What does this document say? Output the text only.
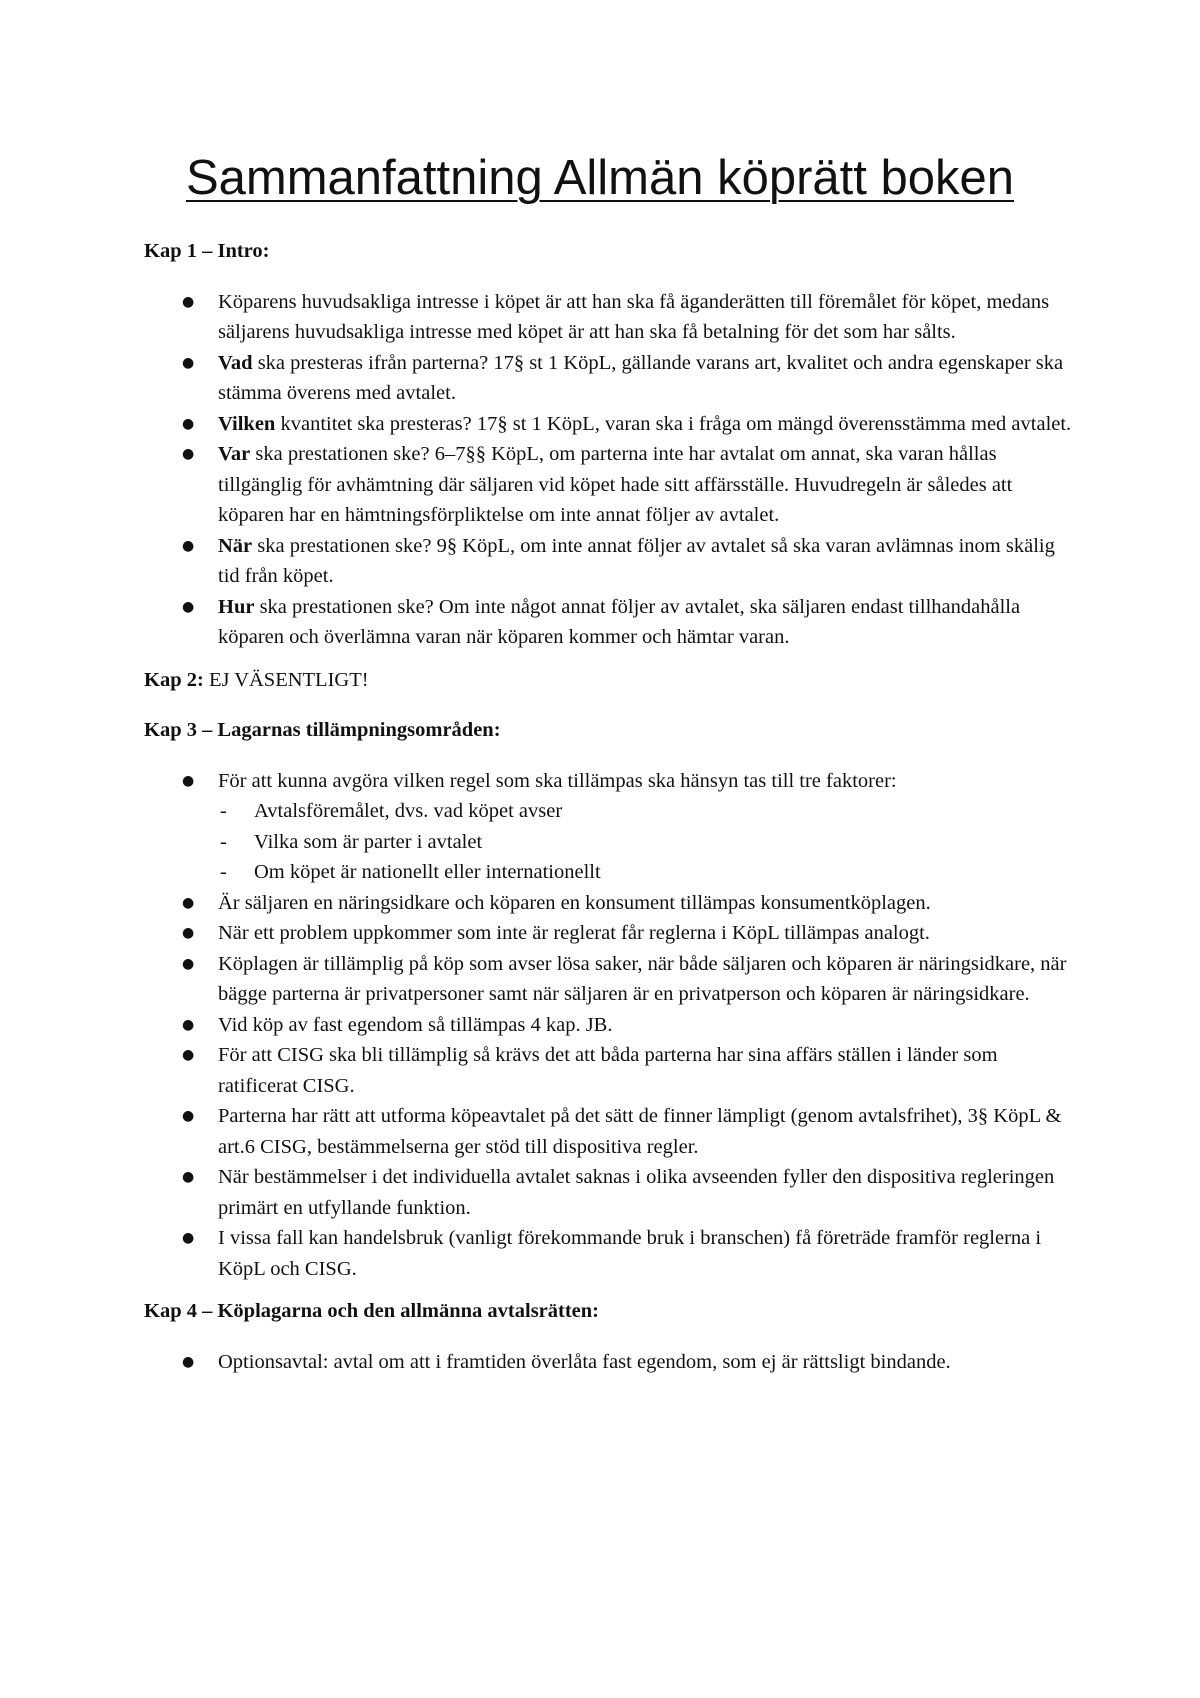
Sammanfattning Allmän köprätt boken
Kap 1 – Intro:
● Köparens huvudsakliga intresse i köpet är att han ska få äganderätten till föremålet för köpet, medans säljarens huvudsakliga intresse med köpet är att han ska få betalning för det som har sålts.
● Vad ska presteras ifrån parterna? 17§ st 1 KöpL, gällande varans art, kvalitet och andra egenskaper ska stämma överens med avtalet.
● Vilken kvantitet ska presteras? 17§ st 1 KöpL, varan ska i fråga om mängd överensstämma med avtalet.
● Var ska prestationen ske? 6–7§§ KöpL, om parterna inte har avtalat om annat, ska varan hållas tillgänglig för avhämtning där säljaren vid köpet hade sitt affärsställe. Huvudregeln är således att köparen har en hämtningsförpliktelse om inte annat följer av avtalet.
● När ska prestationen ske? 9§ KöpL, om inte annat följer av avtalet så ska varan avlämnas inom skälig tid från köpet.
● Hur ska prestationen ske? Om inte något annat följer av avtalet, ska säljaren endast tillhandahålla köparen och överlämna varan när köparen kommer och hämtar varan.
Kap 2: EJ VÄSENTLIGT!
Kap 3 – Lagarnas tillämpningsområden:
● För att kunna avgöra vilken regel som ska tillämpas ska hänsyn tas till tre faktorer:
- Avtalsföremålet, dvs. vad köpet avser
- Vilka som är parter i avtalet
- Om köpet är nationellt eller internationellt
● Är säljaren en näringsidkare och köparen en konsument tillämpas konsumentköplagen.
● När ett problem uppkommer som inte är reglerat får reglerna i KöpL tillämpas analogt.
● Köplagen är tillämplig på köp som avser lösa saker, när både säljaren och köparen är näringsidkare, när bägge parterna är privatpersoner samt när säljaren är en privatperson och köparen är näringsidkare.
● Vid köp av fast egendom så tillämpas 4 kap. JB.
● För att CISG ska bli tillämplig så krävs det att båda parterna har sina affärs ställen i länder som ratificerat CISG.
● Parterna har rätt att utforma köpeavtalet på det sätt de finner lämpligt (genom avtalsfrihet), 3§ KöpL & art.6 CISG, bestämmelserna ger stöd till dispositiva regler.
● När bestämmelser i det individuella avtalet saknas i olika avseenden fyller den dispositiva regleringen primärt en utfyllande funktion.
● I vissa fall kan handelsbruk (vanligt förekommande bruk i branschen) få företräde framför reglerna i KöpL och CISG.
Kap 4 – Köplagarna och den allmänna avtalsrätten:
● Optionsavtal: avtal om att i framtiden överlåta fast egendom, som ej är rättsligt bindande.
